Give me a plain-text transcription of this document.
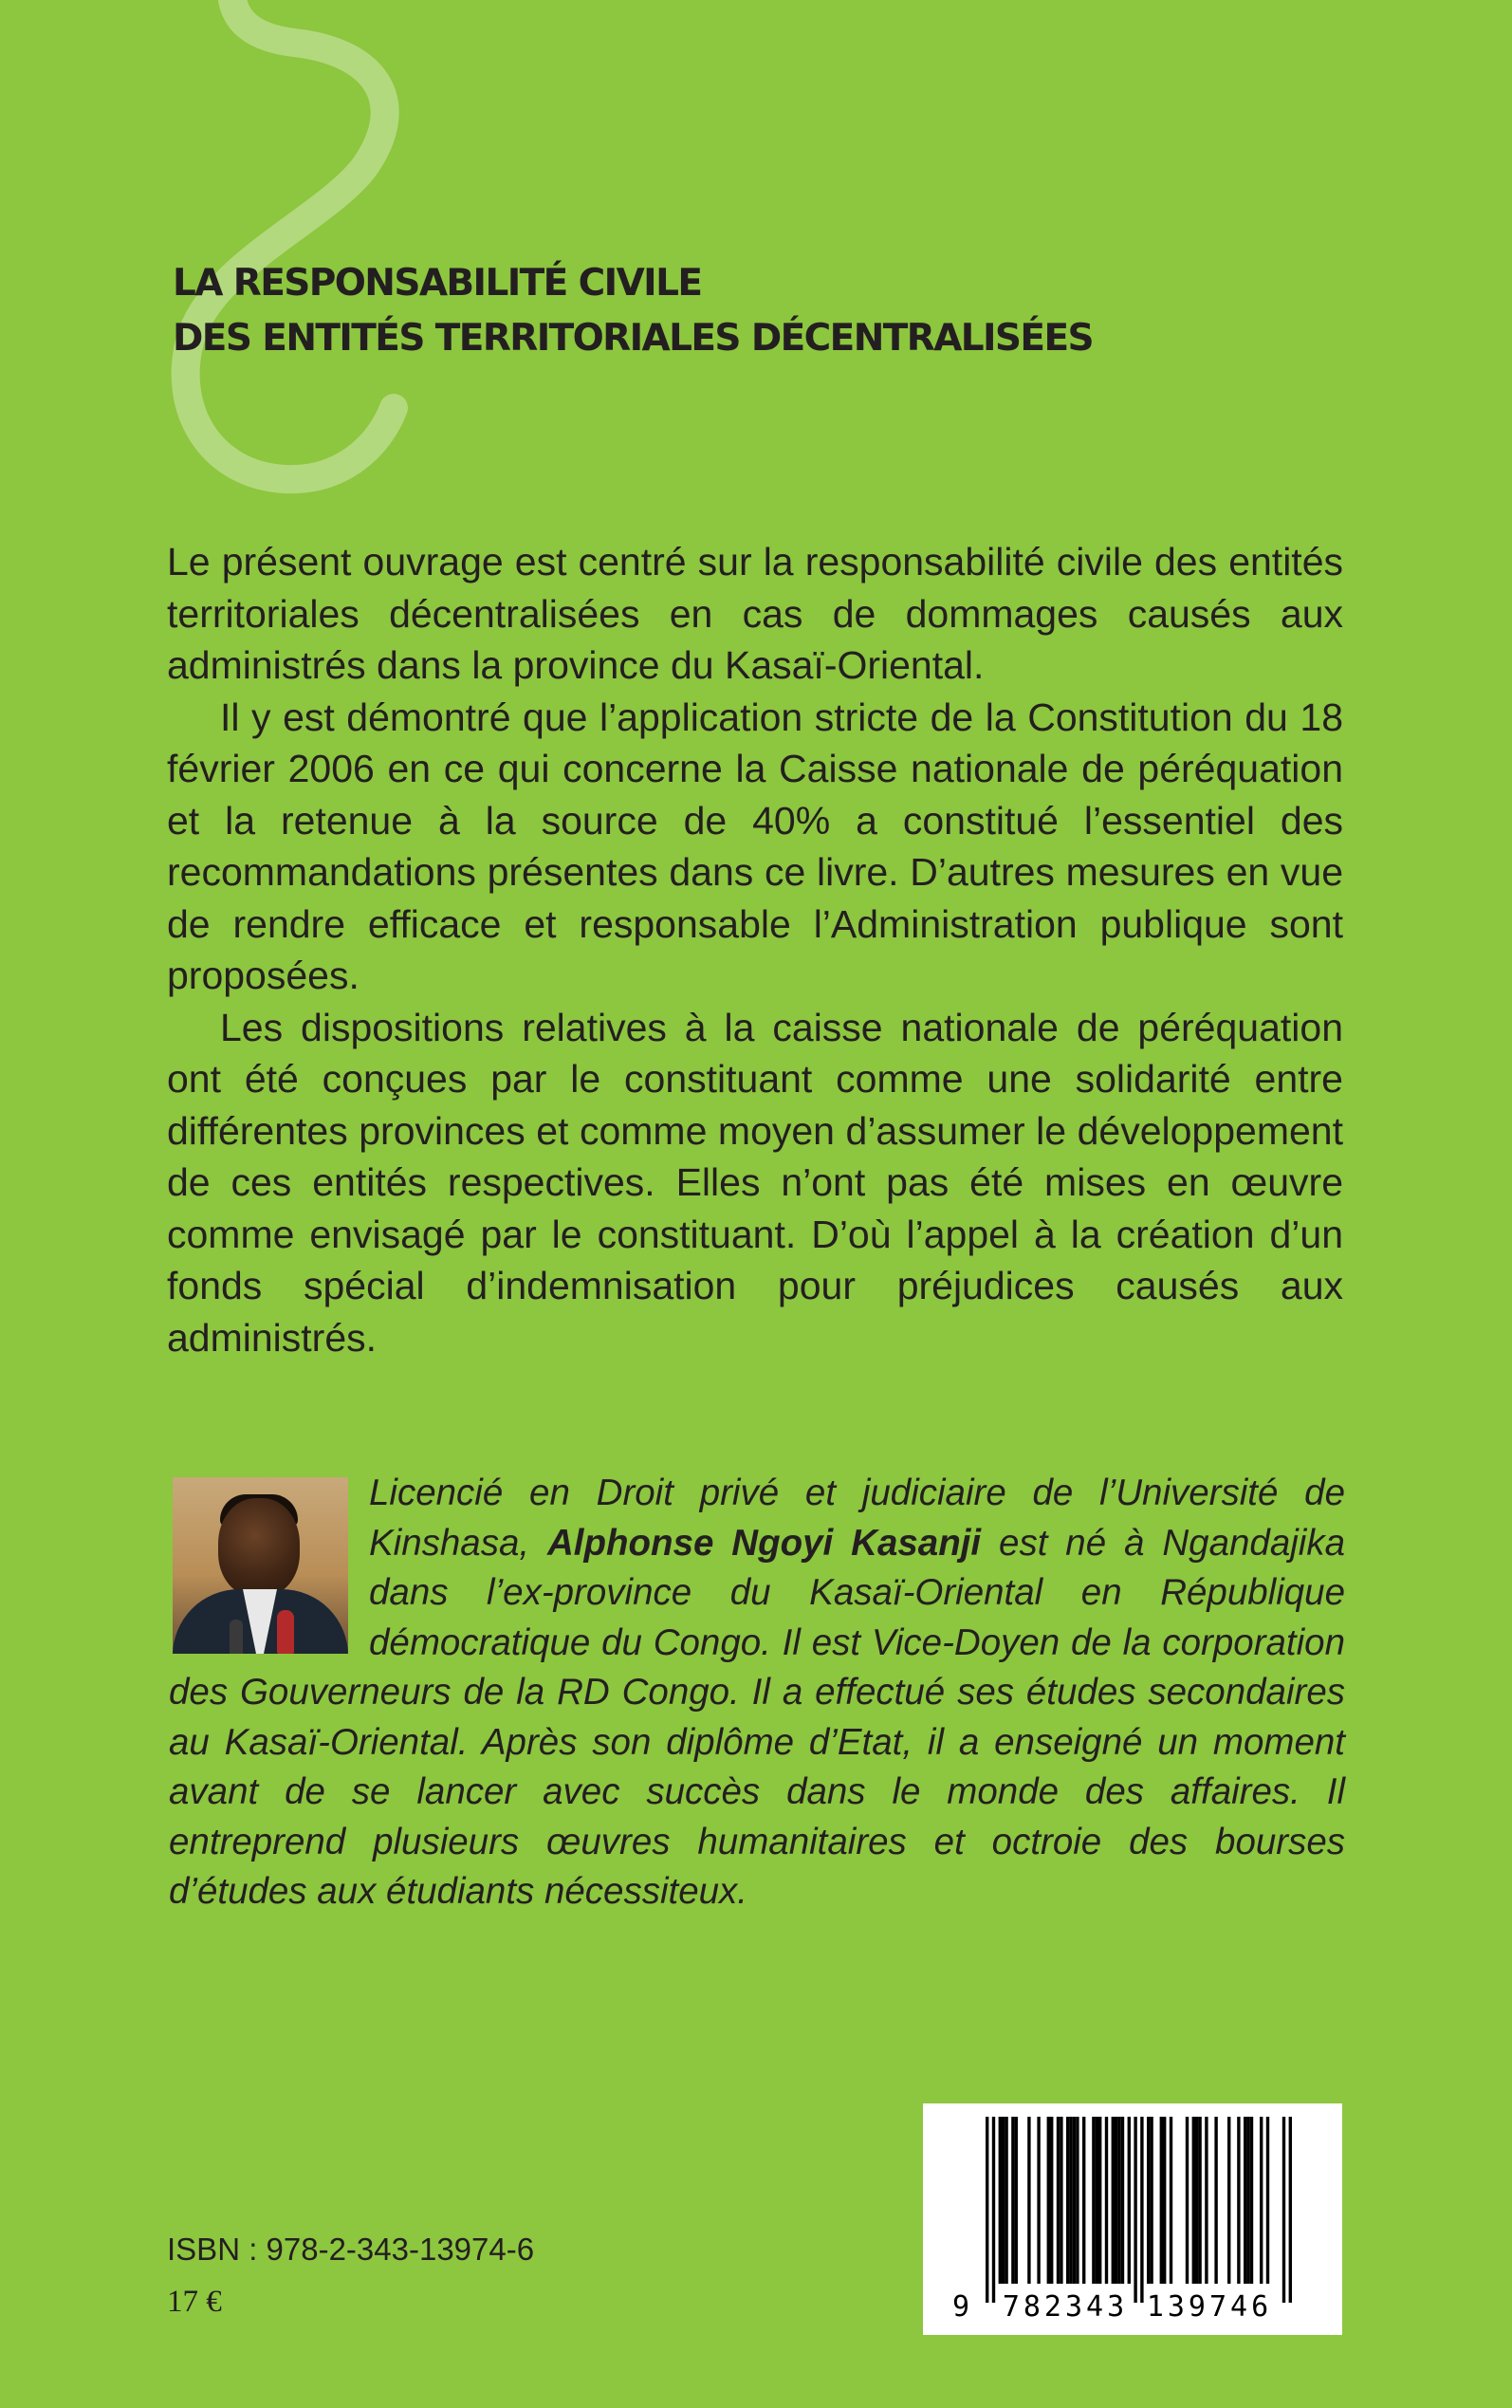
LA RESPONSABILITÉ CIVILE
DES ENTITÉS TERRITORIALES DÉCENTRALISÉES

Le présent ouvrage est centré sur la responsabilité civile des entités territoriales décentralisées en cas de dommages causés aux administrés dans la province du Kasaï-Oriental.

Il y est démontré que l’application stricte de la Constitution du 18 février 2006 en ce qui concerne la Caisse nationale de péréquation et la retenue à la source de 40% a constitué l’essentiel des recommandations présentes dans ce livre. D’autres mesures en vue de rendre efficace et responsable l’Administration publique sont proposées.

Les dispositions relatives à la caisse nationale de péréquation ont été conçues par le constituant comme une solidarité entre différentes provinces et comme moyen d’assumer le développement de ces entités respectives. Elles n’ont pas été mises en œuvre comme envisagé par le constituant. D’où l’appel à la création d’un fonds spécial d’indemnisation pour préjudices causés aux administrés.

Licencié en Droit privé et judiciaire de l’Université de Kinshasa, Alphonse Ngoyi Kasanji est né à Ngandajika dans l’ex-province du Kasaï-Oriental en République démocratique du Congo. Il est Vice-Doyen de la corporation des Gouverneurs de la RD Congo. Il a effectué ses études secondaires au Kasaï-Oriental. Après son diplôme d’Etat, il a enseigné un moment avant de se lancer avec succès dans le monde des affaires. Il entreprend plusieurs œuvres humanitaires et octroie des bourses d’études aux étudiants nécessiteux.

9 782343 139746

ISBN : 978-2-343-13974-6

17 €
